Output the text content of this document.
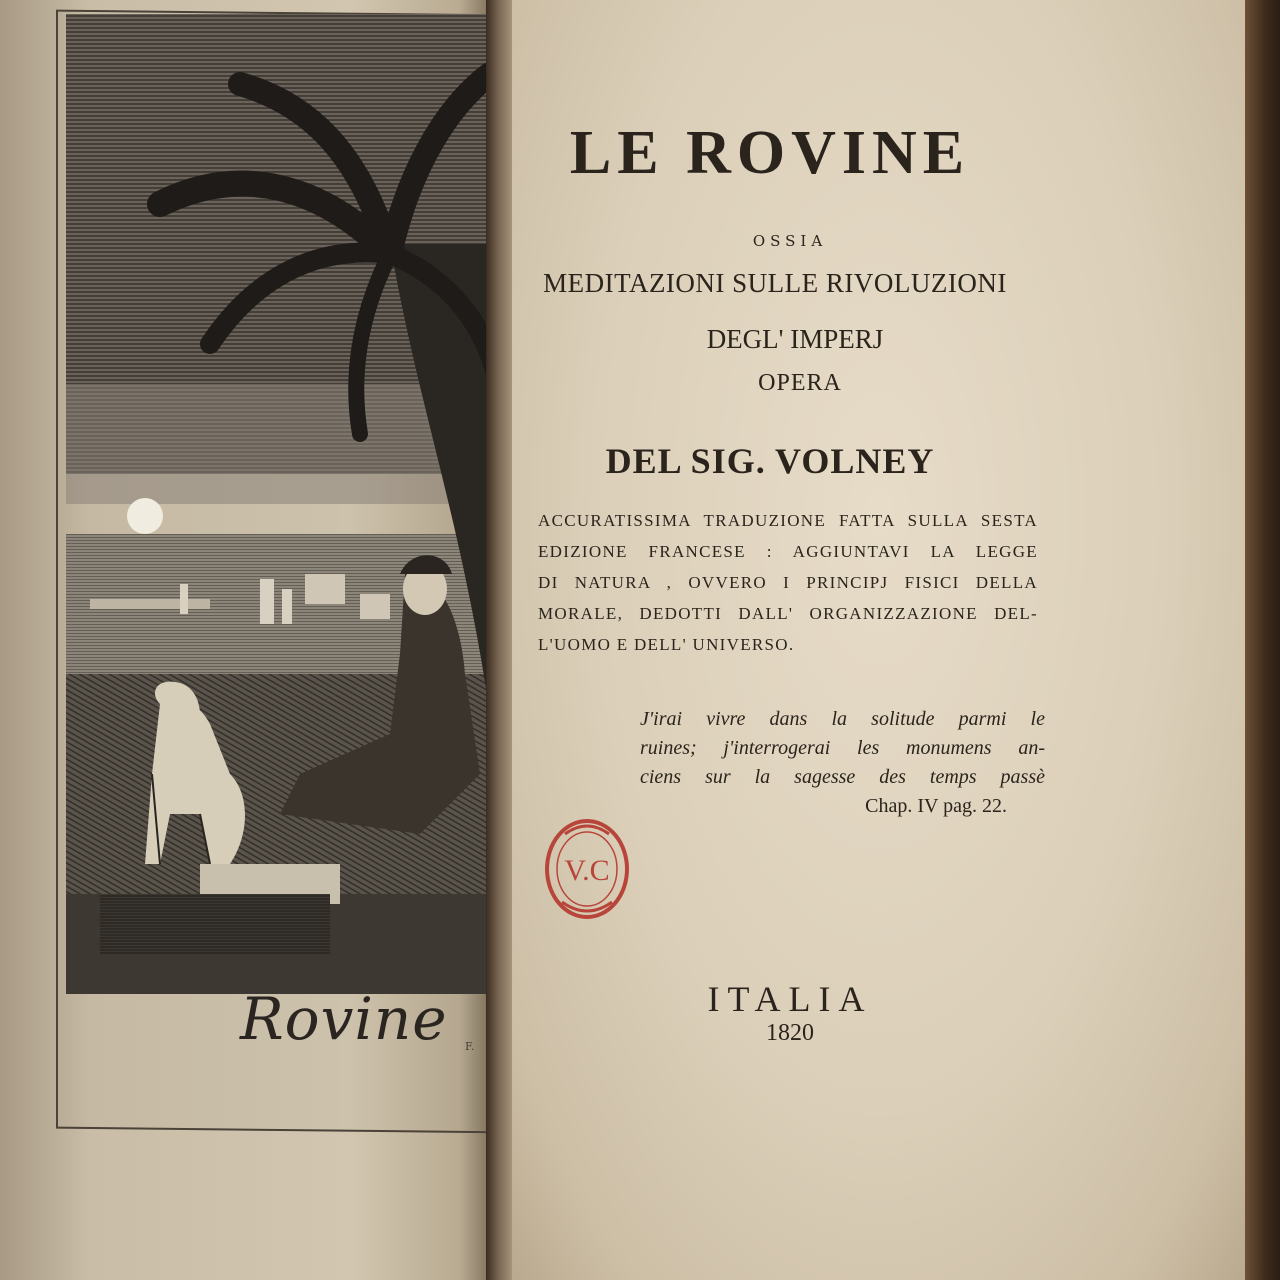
Rovine F.
LE ROVINE
OSSIA
MEDITAZIONI SULLE RIVOLUZIONI
DEGL' IMPERJ
OPERA
DEL SIG. VOLNEY
ACCURATISSIMA TRADUZIONE FATTA SULLA SESTA
EDIZIONE FRANCESE : AGGIUNTAVI LA LEGGE
DI NATURA , OVVERO I PRINCIPJ FISICI DELLA
MORALE, DEDOTTI DALL' ORGANIZZAZIONE DEL-
L'UOMO E DELL' UNIVERSO.
J'irai vivre dans la solitude parmi le
ruines; j'interrogerai les monumens an-
ciens sur la sagesse des temps passè
Chap. IV pag. 22.
V.C
ITALIA
1820
